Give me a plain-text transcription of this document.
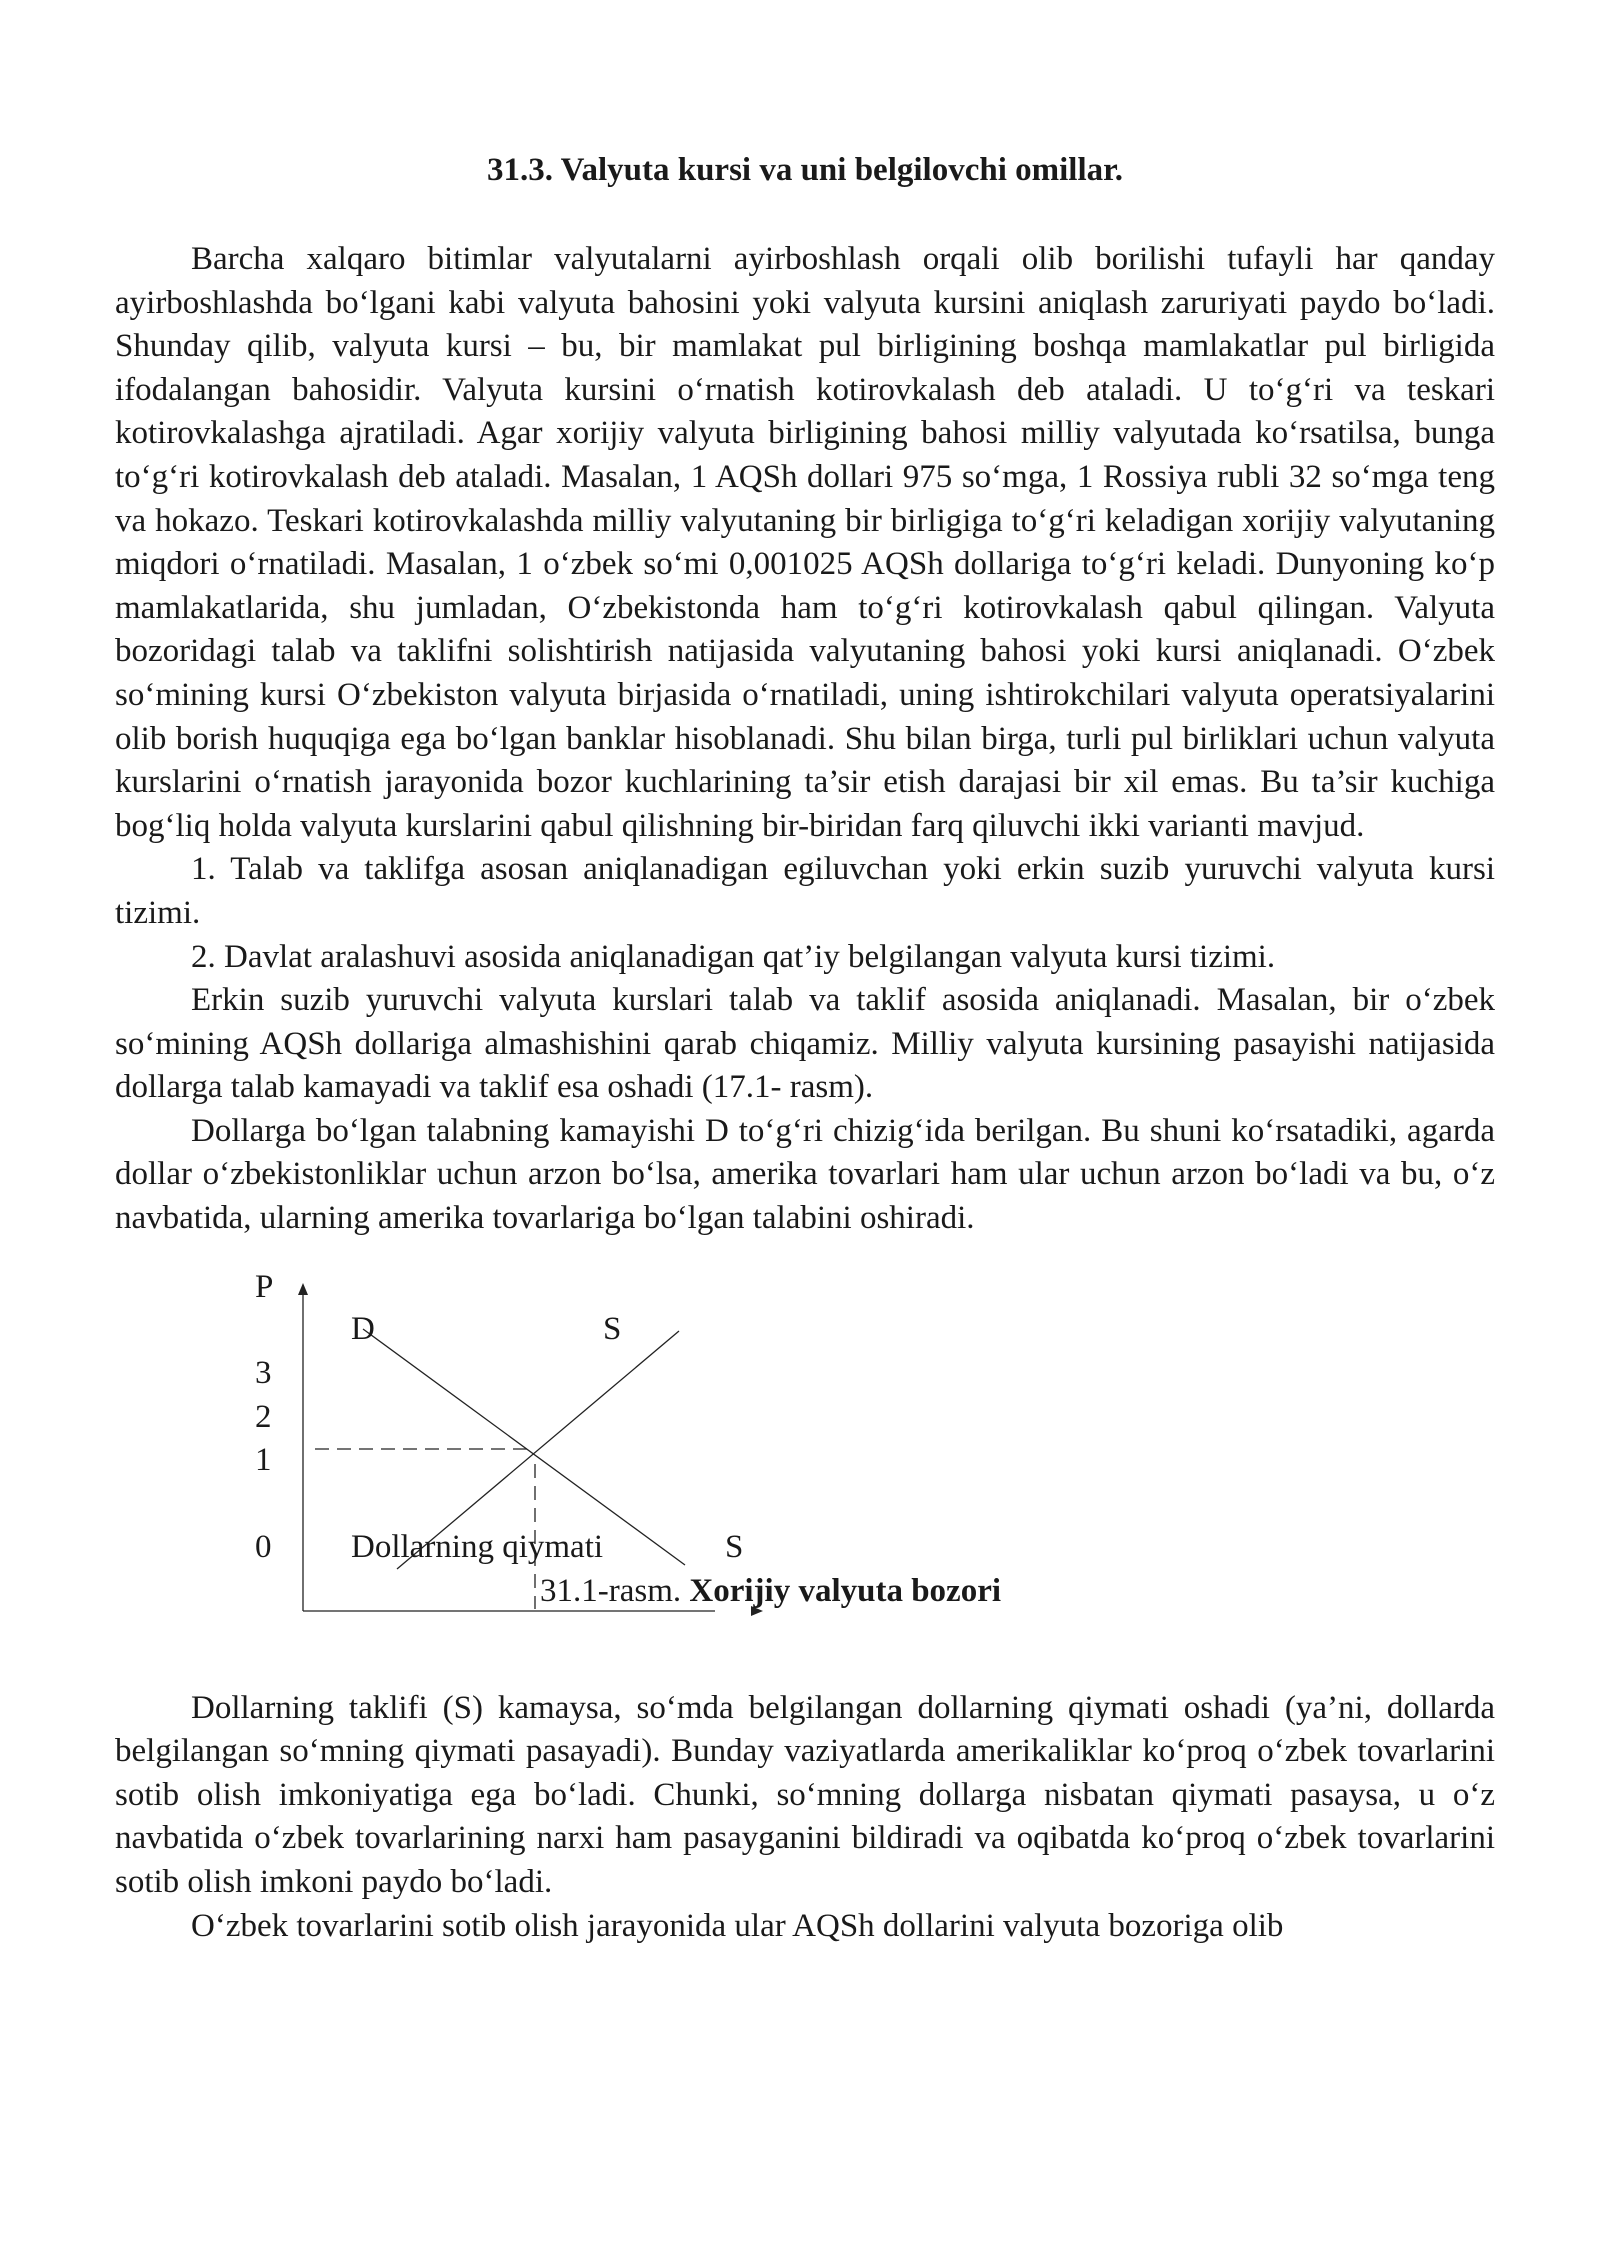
31.3. Valyuta kursi va uni belgilovchi omillar.

Barcha xalqaro bitimlar valyutalarni ayirboshlash orqali olib borilishi tufayli har qanday ayirboshlashda bo‘lgani kabi valyuta bahosini yoki valyuta kursini aniqlash zaruriyati paydo bo‘ladi. Shunday qilib, valyuta kursi – bu, bir mamlakat pul birligining boshqa mamlakatlar pul birligida ifodalangan bahosidir. Valyuta kursini o‘rnatish kotirovkalash deb ataladi. U to‘g‘ri va teskari kotirovkalashga ajratiladi. Agar xorijiy valyuta birligining bahosi milliy valyutada ko‘rsatilsa, bunga to‘g‘ri kotirovkalash deb ataladi. Masalan, 1 AQSh dollari 975 so‘mga, 1 Rossiya rubli 32 so‘mga teng va hokazo. Teskari kotirovkalashda milliy valyutaning bir birligiga to‘g‘ri keladigan xorijiy valyutaning miqdori o‘rnatiladi. Masalan, 1 o‘zbek so‘mi 0,001025 AQSh dollariga to‘g‘ri keladi. Dunyoning ko‘p mamlakatlarida, shu jumladan, O‘zbekistonda ham to‘g‘ri kotirovkalash qabul qilingan. Valyuta bozoridagi talab va taklifni solishtirish natijasida valyutaning bahosi yoki kursi aniqlanadi. O‘zbek so‘mining kursi O‘zbekiston valyuta birjasida o‘rnatiladi, uning ishtirokchilari valyuta operatsiyalarini olib borish huquqiga ega bo‘lgan banklar hisoblanadi. Shu bilan birga, turli pul birliklari uchun valyuta kurslarini o‘rnatish jarayonida bozor kuchlarining ta’sir etish darajasi bir xil emas. Bu ta’sir kuchiga bog‘liq holda valyuta kurslarini qabul qilishning bir-biridan farq qiluvchi ikki varianti mavjud.

1. Talab va taklifga asosan aniqlanadigan egiluvchan yoki erkin suzib yuruvchi valyuta kursi tizimi.

2. Davlat aralashuvi asosida aniqlanadigan qat’iy belgilangan valyuta kursi tizimi.

Erkin suzib yuruvchi valyuta kurslari talab va taklif asosida aniqlanadi. Masalan, bir o‘zbek so‘mining AQSh dollariga almashishini qarab chiqamiz. Milliy valyuta kursining pasayishi natijasida dollarga talab kamayadi va taklif esa oshadi (17.1- rasm).

Dollarga bo‘lgan talabning kamayishi D to‘g‘ri chizig‘ida berilgan. Bu shuni ko‘rsatadiki, agarda dollar o‘zbekistonliklar uchun arzon bo‘lsa, amerika tovarlari ham ular uchun arzon bo‘ladi va bu, o‘z navbatida, ularning amerika tovarlariga bo‘lgan talabini oshiradi.

P
D	S
3
2
1
0 Dollarning qiymati	S
31.1-rasm. Xorijiy valyuta bozori

Dollarning taklifi (S) kamaysa, so‘mda belgilangan dollarning qiymati oshadi (ya’ni, dollarda belgilangan so‘mning qiymati pasayadi). Bunday vaziyatlarda amerikaliklar ko‘proq o‘zbek tovarlarini sotib olish imkoniyatiga ega bo‘ladi. Chunki, so‘mning dollarga nisbatan qiymati pasaysa, u o‘z navbatida o‘zbek tovarlarining narxi ham pasayganini bildiradi va oqibatda ko‘proq o‘zbek tovarlarini sotib olish imkoni paydo bo‘ladi.

O‘zbek tovarlarini sotib olish jarayonida ular AQSh dollarini valyuta bozoriga olib
